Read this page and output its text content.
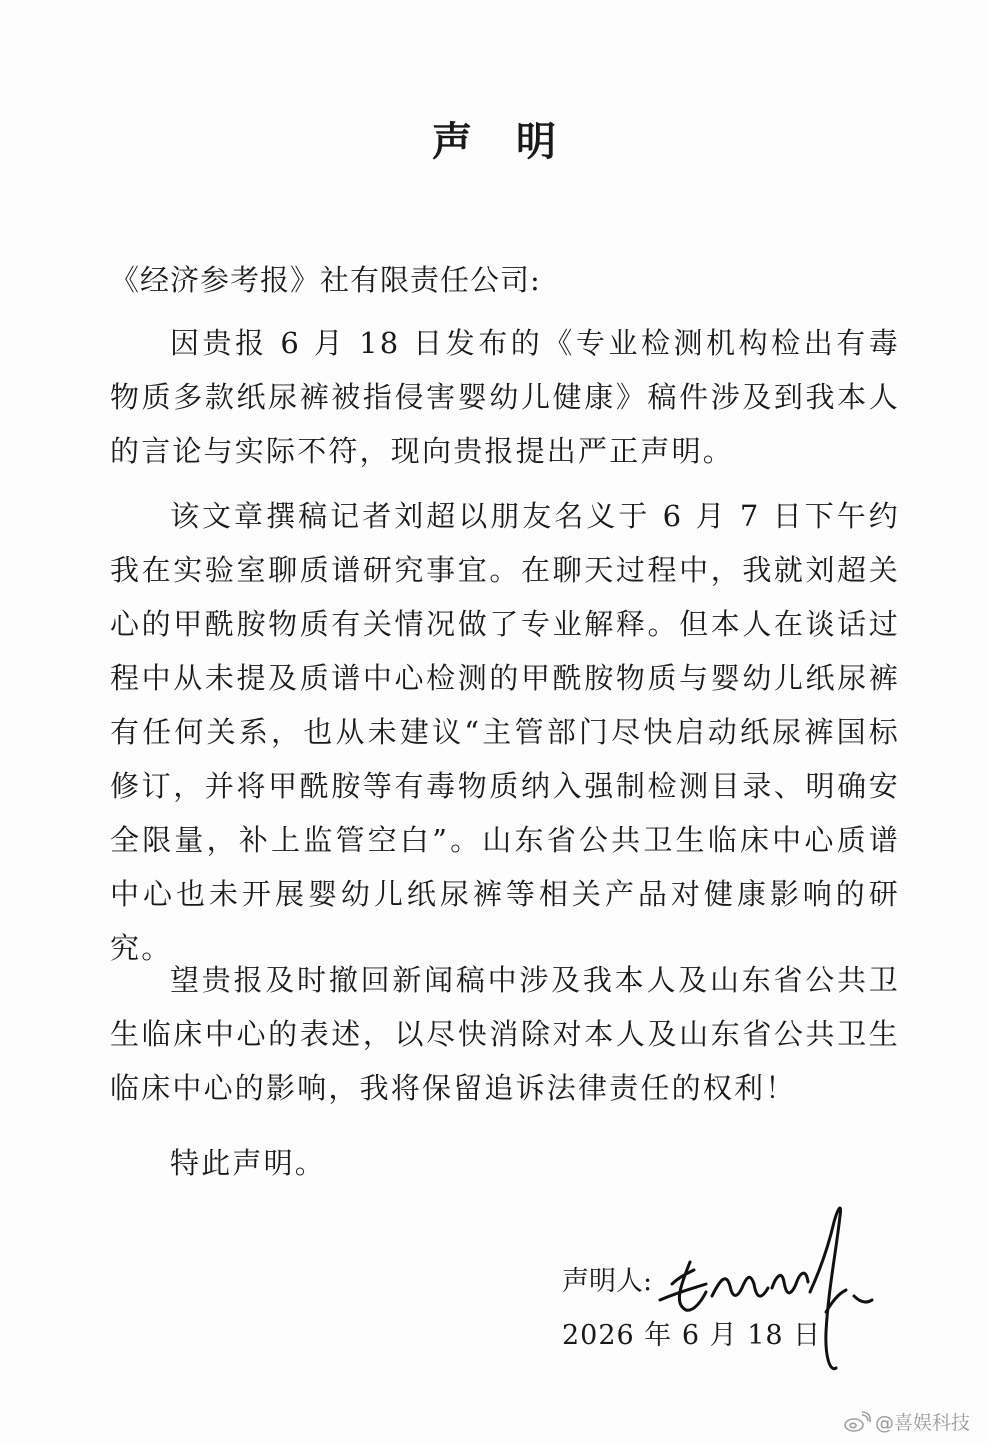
声明
《经济参考报》社有限责任公司:

因贵报 6 月 18 日发布的《专业检测机构检出有毒物质多款纸尿裤被指侵害婴幼儿健康》稿件涉及到我本人的言论与实际不符，现向贵报提出严正声明。

该文章撰稿记者刘超以朋友名义于 6 月 7 日下午约我在实验室聊质谱研究事宜。在聊天过程中，我就刘超关心的甲酰胺物质有关情况做了专业解释。但本人在谈话过程中从未提及质谱中心检测的甲酰胺物质与婴幼儿纸尿裤有任何关系，也从未建议“主管部门尽快启动纸尿裤国标修订，并将甲酰胺等有毒物质纳入强制检测目录、明确安全限量，补上监管空白”。山东省公共卫生临床中心质谱中心也未开展婴幼儿纸尿裤等相关产品对健康影响的研究。

望贵报及时撤回新闻稿中涉及我本人及山东省公共卫生临床中心的表述，以尽快消除对本人及山东省公共卫生临床中心的影响，我将保留追诉法律责任的权利！

特此声明。

声明人:
2026 年 6 月 18 日
@喜娱科技
